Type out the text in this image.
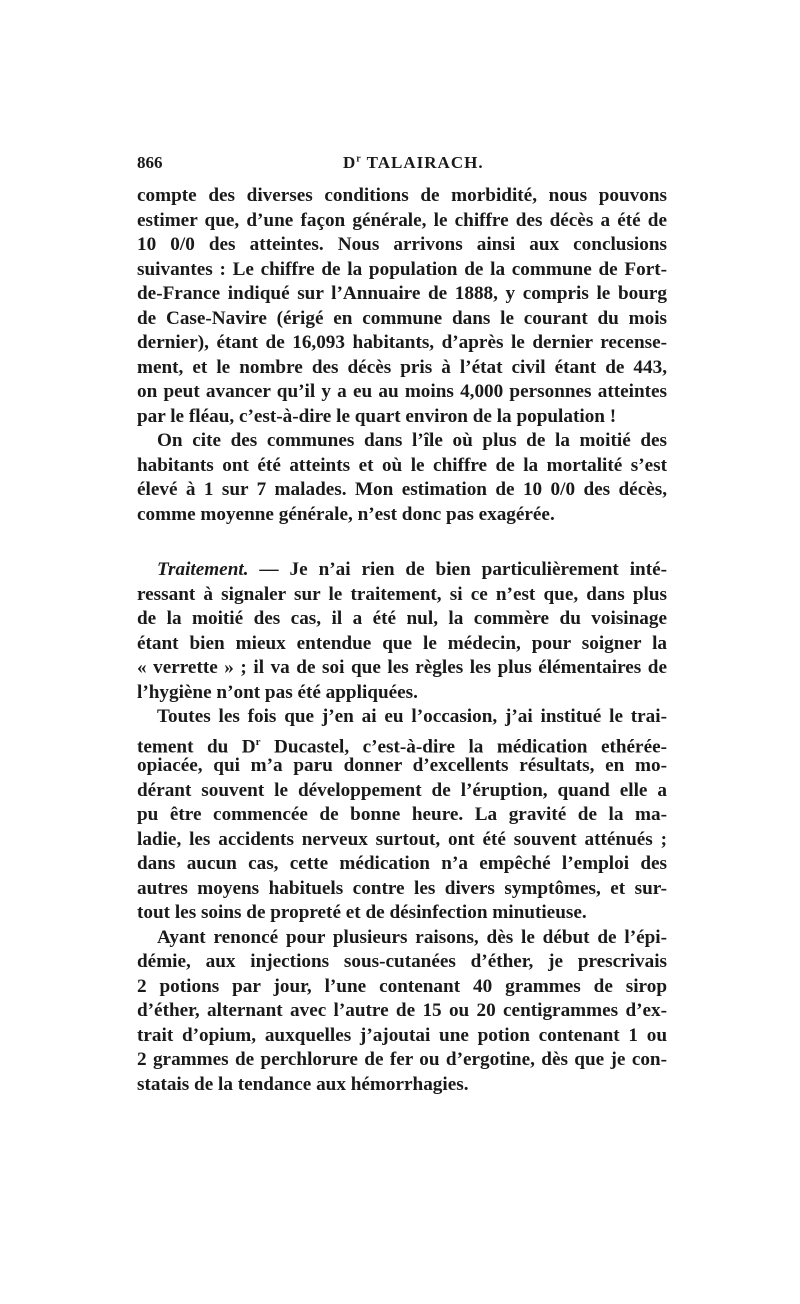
866	$D^r$ TALAIRACH.
compte des diverses conditions de morbidité, nous pouvons
estimer que, d’une façon générale, le chiffre des décès a été de
10 0/0 des atteintes. Nous arrivons ainsi aux conclusions
suivantes : Le chiffre de la population de la commune de Fort-
de-France indiqué sur l’Annuaire de 1888, y compris le bourg
de Case-Navire (érigé en commune dans le courant du mois
dernier), étant de 16,093 habitants, d’après le dernier recense-
ment, et le nombre des décès pris à l’état civil étant de 443,
on peut avancer qu’il y a eu au moins 4,000 personnes atteintes
par le fléau, c’est-à-dire le quart environ de la population !
On cite des communes dans l’île où plus de la moitié des
habitants ont été atteints et où le chiffre de la mortalité s’est
élevé à 1 sur 7 malades. Mon estimation de 10 0/0 des décès,
comme moyenne générale, n’est donc pas exagérée.
Traitement. — Je n’ai rien de bien particulièrement inté-
ressant à signaler sur le traitement, si ce n’est que, dans plus
de la moitié des cas, il a été nul, la commère du voisinage
étant bien mieux entendue que le médecin, pour soigner la
« verrette » ; il va de soi que les règles les plus élémentaires de
l’hygiène n’ont pas été appliquées.
Toutes les fois que j’en ai eu l’occasion, j’ai institué le trai-
tement du $D^r$ Ducastel, c’est-à-dire la médication ethérée-
opiacée, qui m’a paru donner d’excellents résultats, en mo-
dérant souvent le développement de l’éruption, quand elle a
pu être commencée de bonne heure. La gravité de la ma-
ladie, les accidents nerveux surtout, ont été souvent atténués ;
dans aucun cas, cette médication n’a empêché l’emploi des
autres moyens habituels contre les divers symptômes, et sur-
tout les soins de propreté et de désinfection minutieuse.
Ayant renoncé pour plusieurs raisons, dès le début de l’épi-
démie, aux injections sous-cutanées d’éther, je prescrivais
2 potions par jour, l’une contenant 40 grammes de sirop
d’éther, alternant avec l’autre de 15 ou 20 centigrammes d’ex-
trait d’opium, auxquelles j’ajoutai une potion contenant 1 ou
2 grammes de perchlorure de fer ou d’ergotine, dès que je con-
statais de la tendance aux hémorrhagies.
